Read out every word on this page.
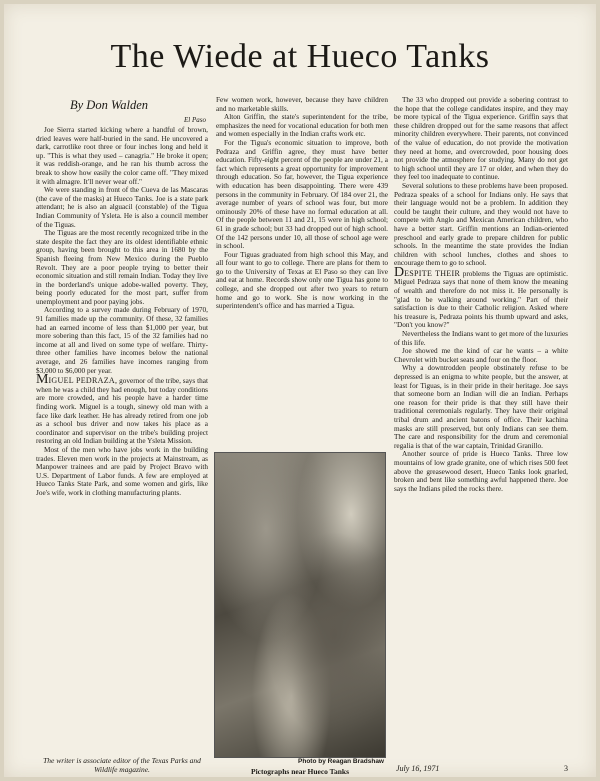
The Wiede at Hueco Tanks
By Don Walden
El Paso

Joe Sierra started kicking where a handful of brown, dried leaves were half-buried in the sand. He uncovered a dark, carrotlike root three or four inches long and held it up. "This is what they used – canagria." He broke it open; it was reddish-orange, and he ran his thumb across the break to show how easily the color came off. "They mixed it with almagre. It'll never wear off."

We were standing in front of the Cueva de las Mascaras (the cave of the masks) at Hueco Tanks. Joe is a state park attendant; he is also an alguacil (constable) of the Tigua Indian Community of Ysleta. He is also a council member of the Tiguas.

The Tiguas are the most recently recognized tribe in the state despite the fact they are its oldest identifiable ethnic group, having been brought to this area in 1680 by the Spanish fleeing from New Mexico during the Pueblo Revolt. They are a poor people trying to better their economic situation and still remain Indian. Today they live in the borderland's unique adobe-walled poverty. They, being poorly educated for the most part, suffer from unemployment and poor paying jobs.

According to a survey made during February of 1970, 91 families made up the community. Of these, 32 families had an earned income of less than $1,000 per year, but more sobering than this fact, 15 of the 32 families had no income at all and lived on some type of welfare. Thirty-three other families have incomes below the national average, and 26 families have incomes ranging from $3,000 to $6,000 per year.

MIGUEL PEDRAZA, governor of the tribe, says that when he was a child they had enough, but today conditions are more crowded, and his people have a harder time finding work. Miguel is a tough, sinewy old man with a face like dark leather. He has already retired from one job as a school bus driver and now takes his place as a coordinator and supervisor on the tribe's building project restoring an old Indian building at the Ysleta Mission.

Most of the men who have jobs work in the building trades. Eleven men work in the projects at Mainstream, as Manpower trainees and are paid by Project Bravo with U.S. Department of Labor funds. A few are employed at Hueco Tanks State Park, and some women and girls, like Joe's wife, work in clothing manufacturing plants.

Few women work, however, because they have children and no marketable skills.

Alton Griffin, the state's superintendent for the tribe, emphasizes the need for vocational education for both men and women especially in the Indian crafts work etc.

For the Tigua's economic situation to improve, both Pedraza and Griffin agree, they must have better education. Fifty-eight percent of the people are under 21, a fact which represents a great opportunity for improvement through education. So far, however, the Tigua experience with education has been disappointing. There were 439 persons in the community in February. Of 184 over 21, the average number of years of school was four, but more ominously 20% of these have no formal education at all. Of the people between 11 and 21, 15 were in high school; 61 in grade school; but 33 had dropped out of high school. Of the 142 persons under 10, all those of school age were in school.

Four Tiguas graduated from high school this May, and all four want to go to college. There are plans for them to go to the University of Texas at El Paso so they can live and eat at home. Records show only one Tigua has gone to college, and she dropped out after two years to return home and go to work. She is now working in the superintendent's office and has married a Tigua.

Photo by Reagan Bradshaw
Pictographs near Hueco Tanks

The 33 who dropped out provide a sobering contrast to the hope that the college candidates inspire, and they may be more typical of the Tigua experience. Griffin says that these children dropped out for the same reasons that affect minority children everywhere. Their parents, not convinced of the value of education, do not provide the motivation they need at home, and overcrowded, poor housing does not provide the atmosphere for studying. Many do not get to high school until they are 17 or older, and when they do they feel too inadequate to continue.

Several solutions to these problems have been proposed. Pedraza speaks of a school for Indians only. He says that their language would not be a problem. In addition they could be taught their culture, and they would not have to compete with Anglo and Mexican American children, who have a better start. Griffin mentions an Indian-oriented preschool and early grade to prepare children for public schools. In the meantime the state provides the Indian children with school lunches, clothes and shoes to encourage them to go to school.

DESPITE THEIR problems the Tiguas are optimistic. Miguel Pedraza says that none of them know the meaning of wealth and therefore do not miss it. He personally is "glad to be walking around working." Part of their satisfaction is due to their Catholic religion. Asked where his treasure is, Pedraza points his thumb upward and asks, "Don't you know?"

Nevertheless the Indians want to get more of the luxuries of this life.

Joe showed me the kind of car he wants – a white Chevrolet with bucket seats and four on the floor.

Why a downtrodden people obstinately refuse to be depressed is an enigma to white people, but the answer, at least for Tiguas, is in their pride in their heritage. Joe says that someone born an Indian will die an Indian. Perhaps one reason for their pride is that they still have their traditional ceremonials regularly. They have their original tribal drum and ancient batons of office. Their kachina masks are still preserved, but only Indians can see them. The care and responsibility for the drum and ceremonial regalia is that of the war captain, Trinidad Granillo.

Another source of pride is Hueco Tanks. Three low mountains of low grade granite, one of which rises 500 feet above the greasewood desert, Hueco Tanks look gnarled, broken and bent like something awful happened there. Joe says the Indians piled the rocks there.

The writer is associate editor of the Texas Parks and Wildlife magazine.	July 16, 1971	3
